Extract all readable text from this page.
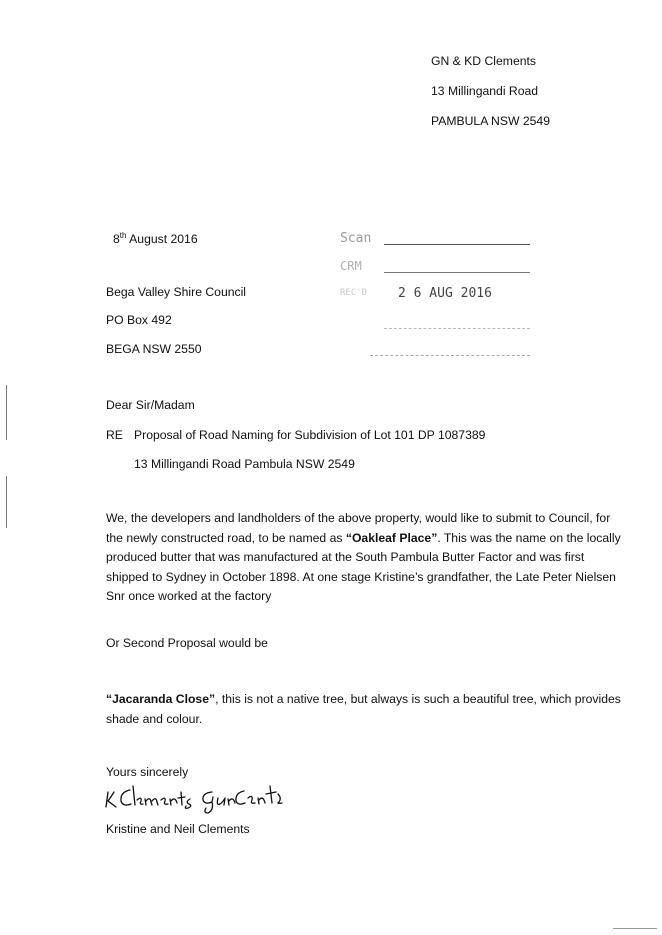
GN & KD Clements
13 Millingandi Road
PAMBULA NSW 2549
8th August 2016
Bega Valley Shire Council
PO Box 492
BEGA NSW 2550
Scan
CRM
REC'D 2 6 AUG 2016
Dear Sir/Madam
RE Proposal of Road Naming for Subdivision of Lot 101 DP 1087389
13 Millingandi Road Pambula NSW 2549
We, the developers and landholders of the above property, would like to submit to Council, for the newly constructed road, to be named as “Oakleaf Place”. This was the name on the locally produced butter that was manufactured at the South Pambula Butter Factor and was first shipped to Sydney in October 1898. At one stage Kristine’s grandfather, the Late Peter Nielsen Snr once worked at the factory
Or Second Proposal would be
“Jacaranda Close”, this is not a native tree, but always is such a beautiful tree, which provides shade and colour.
Yours sincerely
Kristine and Neil Clements
